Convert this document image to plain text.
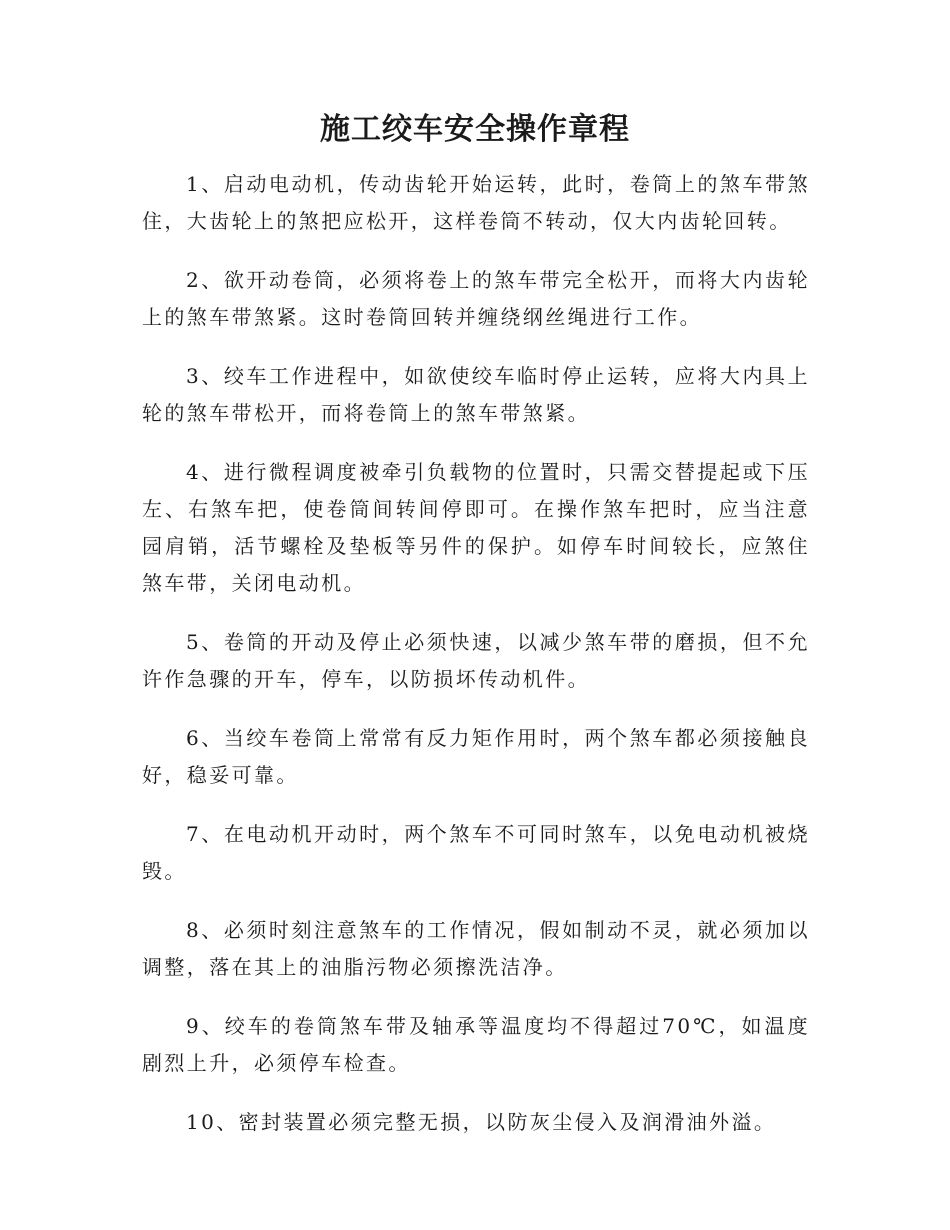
施工绞车安全操作章程

1、启动电动机，传动齿轮开始运转，此时，卷筒上的煞车带煞住，大齿轮上的煞把应松开，这样卷筒不转动，仅大内齿轮回转。

2、欲开动卷筒，必须将卷上的煞车带完全松开，而将大内齿轮上的煞车带煞紧。这时卷筒回转并缠绕纲丝绳进行工作。

3、绞车工作进程中，如欲使绞车临时停止运转，应将大内具上轮的煞车带松开，而将卷筒上的煞车带煞紧。

4、进行微程调度被牵引负载物的位置时，只需交替提起或下压左、右煞车把，使卷筒间转间停即可。在操作煞车把时，应当注意园肩销，活节螺栓及垫板等另件的保护。如停车时间较长，应煞住煞车带，关闭电动机。

5、卷筒的开动及停止必须快速，以减少煞车带的磨损，但不允许作急骤的开车，停车，以防损坏传动机件。

6、当绞车卷筒上常常有反力矩作用时，两个煞车都必须接触良好，稳妥可靠。

7、在电动机开动时，两个煞车不可同时煞车，以免电动机被烧毁。

8、必须时刻注意煞车的工作情况，假如制动不灵，就必须加以调整，落在其上的油脂污物必须擦洗洁净。

9、绞车的卷筒煞车带及轴承等温度均不得超过70℃，如温度剧烈上升，必须停车检查。

10、密封装置必须完整无损，以防灰尘侵入及润滑油外溢。
